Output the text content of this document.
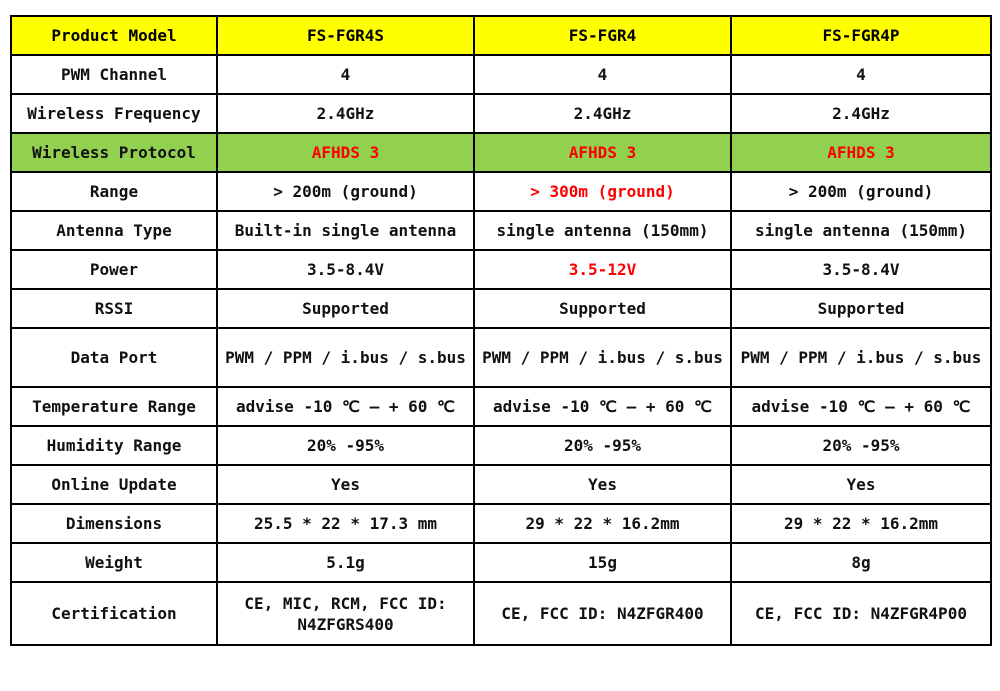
Product Model	FS-FGR4S	FS-FGR4	FS-FGR4P
PWM Channel	4	4	4
Wireless Frequency	2.4GHz	2.4GHz	2.4GHz
Wireless Protocol	AFHDS 3	AFHDS 3	AFHDS 3
Range	> 200m (ground)	> 300m (ground)	> 200m (ground)
Antenna Type	Built-in single antenna	single antenna (150mm)	single antenna (150mm)
Power	3.5-8.4V	3.5-12V	3.5-8.4V
RSSI	Supported	Supported	Supported
Data Port	PWM / PPM / i.bus / s.bus	PWM / PPM / i.bus / s.bus	PWM / PPM / i.bus / s.bus
Temperature Range	advise -10 ℃ — + 60 ℃	advise -10 ℃ — + 60 ℃	advise -10 ℃ — + 60 ℃
Humidity Range	20% -95%	20% -95%	20% -95%
Online Update	Yes	Yes	Yes
Dimensions	25.5 * 22 * 17.3 mm	29 * 22 * 16.2mm	29 * 22 * 16.2mm
Weight	5.1g	15g	8g
Certification	CE, MIC, RCM, FCC ID: N4ZFGRS400	CE, FCC ID: N4ZFGR400	CE, FCC ID: N4ZFGR4P00
